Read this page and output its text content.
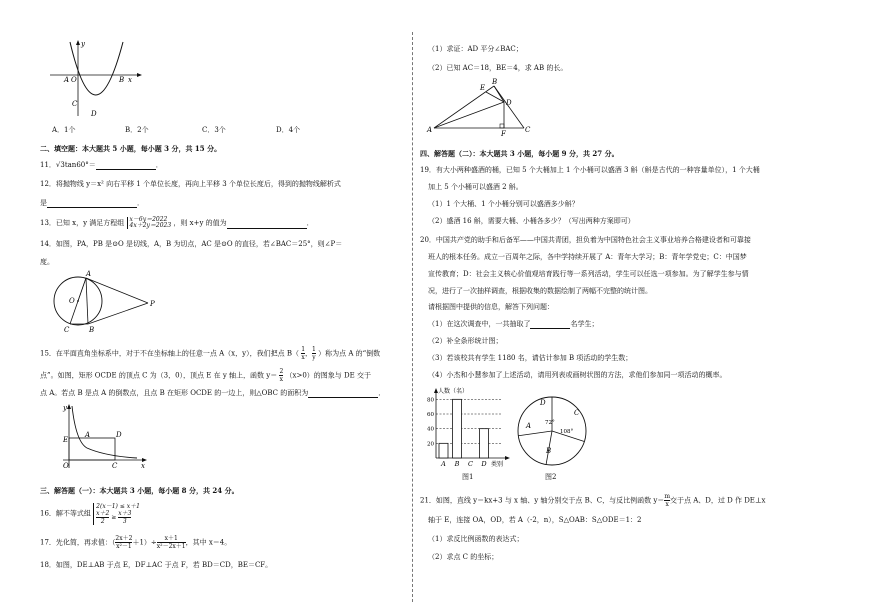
y
x
A O	B
C
D
A．1个	B．2个	C．3个	D．4个
二、填空题：本大题共 5 小题，每小题 3 分，共 15 分。
11．√3tan60°＝	．
12．将抛物线 y＝x² 向右平移 1 个单位长度，再向上平移 3 个单位长度后，得到的抛物线解析式
是	．
13．已知 x，y 满足方程组 x－6y＝2022
4x＋2y＝2023 ，则 x+y 的值为	．
14．如图，PA，PB 是⊙O 是切线，A，B 为切点，AC 是⊙O 的直径，若∠BAC＝25°，则∠P＝
度。
A
O
C	B
P
15．在平面直角坐标系中，对于不在坐标轴上的任意一点 A（x，y），我们把点 $B( \frac{1}{x}$ ， $\frac{1}{y}$ ）称为点 A 的“倒数
点”。如图，矩形 OCDE 的顶点 C 为（3，0），顶点 E 在 y 轴上，函数 $y= \frac{2}{x} (x>0)$的图象与 DE 交于
点 A。若点 B 是点 A 的倒数点，且点 B 在矩形 OCDE 的一边上，则△OBC 的面积为	．
y
E
A	D
O	C	x
三、解答题（一）：本大题共 3 小题，每小题 8 分，共 24 分。
16．解不等式组
2(x－1) ≤ x＋1
$\frac{x+2}{2} \ge \frac{x+3}{3}$
17．先化简，再求值：（ $\frac{2x+2}{\text{x²－1}} +1)\div \frac{x+1}{\text{x²－2x＋1}}$ ，其中 x＝4。
18．如图，DE⊥AB 于点 E，DF⊥AC 于点 F，若 BD＝CD，BE＝CF。
（1）求证：AD 平分∠BAC；
（2）已知 AC＝18，BE＝4，求 AB 的长。
E
B
D
A	F	C
四、解答题（二）：本大题共 3 小题，每小题 9 分，共 27 分。
19．有大小两种盛酒的桶，已知 5 个大桶加上 1 个小桶可以盛酒 3 斛（斛是古代的一种容量单位），1 个大桶
加上 5 个小桶可以盛酒 2 斛。
（1）1 个大桶、1 个小桶分别可以盛酒多少斛？
（2）盛酒 16 斛，需要大桶、小桶各多少？（写出两种方案即可）
20．中国共产党的助手和后备军——中国共青团，担负着为中国特色社会主义事业培养合格建设者和可靠接
班人的根本任务。成立一百周年之际，各中学持续开展了 A：青年大学习；B：青年学党史；C：中国梦
宣传教育；D：社会主义核心价值观培育践行等一系列活动，学生可以任选一项参加。为了解学生参与情
况，进行了一次抽样调查，根据收集的数据绘制了两幅不完整的统计图。
请根据图中提供的信息，解答下列问题：
（1）在这次调查中，一共抽取了	名学生；
（2）补全条形统计图；
（3）若该校共有学生 1180 名，请估计参加 B 项活动的学生数；
（4）小杰和小慧参加了上述活动，请用列表或画树状图的方法，求他们参加同一项活动的概率。
人数（名）
20
40
60
80
A B C D 类别
图1
A
D
C
B
72°
108°
图2
21．如图，直线 y＝kx+3 与 x 轴、y 轴分别交于点 B、C，与反比例函数 $y= \frac{m}{x}$ 交于点 A、D，过 D 作 DE⊥x
轴于 E，连接 OA，OD，若 A（-2，n），S△OAB：S△ODE＝1：2
（1）求反比例函数的表达式；
（2）求点 C 的坐标；
